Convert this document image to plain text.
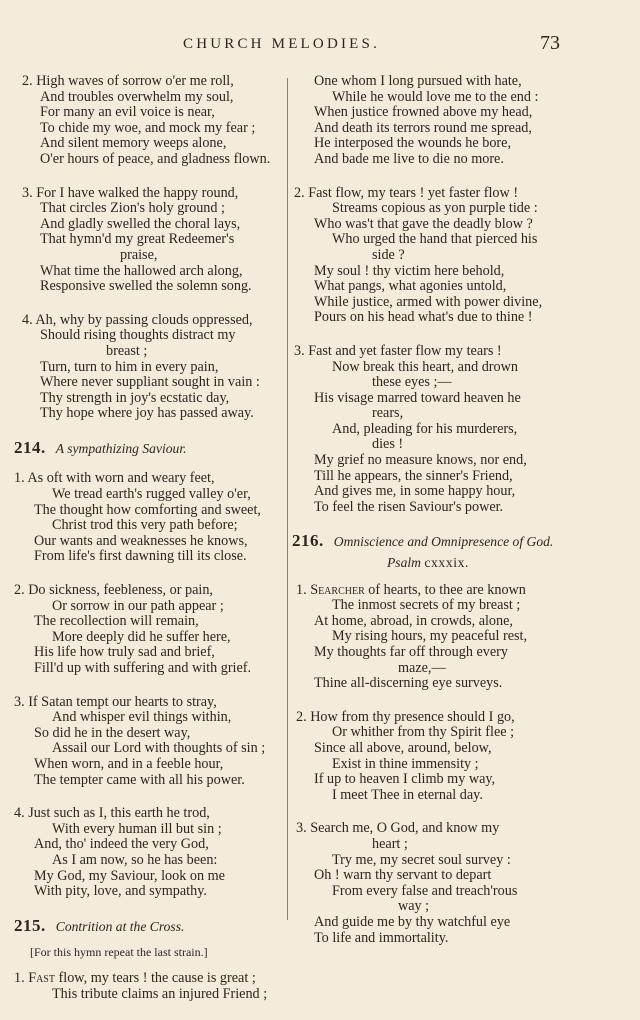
CHURCH MELODIES.	73
2. High waves of sorrow o'er me roll,
And troubles overwhelm my soul,
For many an evil voice is near,
To chide my woe, and mock my fear ;
And silent memory weeps alone,
O'er hours of peace, and gladness flown.
3. For I have walked the happy round,
That circles Zion's holy ground ;
And gladly swelled the choral lays,
That hymn'd my great Redeemer's
praise,
What time the hallowed arch along,
Responsive swelled the solemn song.
4. Ah, why by passing clouds oppressed,
Should rising thoughts distract my
breast ;
Turn, turn to him in every pain,
Where never suppliant sought in vain :
Thy strength in joy's ecstatic day,
Thy hope where joy has passed away.
214. A sympathizing Saviour.
1. As oft with worn and weary feet,
We tread earth's rugged valley o'er,
The thought how comforting and sweet,
Christ trod this very path before;
Our wants and weaknesses he knows,
From life's first dawning till its close.
2. Do sickness, feebleness, or pain,
Or sorrow in our path appear ;
The recollection will remain,
More deeply did he suffer here,
His life how truly sad and brief,
Fill'd up with suffering and with grief.
3. If Satan tempt our hearts to stray,
And whisper evil things within,
So did he in the desert way,
Assail our Lord with thoughts of sin ;
When worn, and in a feeble hour,
The tempter came with all his power.
4. Just such as I, this earth he trod,
With every human ill but sin ;
And, tho' indeed the very God,
As I am now, so he has been:
My God, my Saviour, look on me
With pity, love, and sympathy.
215. Contrition at the Cross.
[For this hymn repeat the last strain.]
1. Fast flow, my tears ! the cause is great ;
This tribute claims an injured Friend ;
One whom I long pursued with hate,
While he would love me to the end :
When justice frowned above my head,
And death its terrors round me spread,
He interposed the wounds he bore,
And bade me live to die no more.
2. Fast flow, my tears ! yet faster flow !
Streams copious as yon purple tide :
Who was't that gave the deadly blow ?
Who urged the hand that pierced his
side ?
My soul ! thy victim here behold,
What pangs, what agonies untold,
While justice, armed with power divine,
Pours on his head what's due to thine !
3. Fast and yet faster flow my tears !
Now break this heart, and drown
these eyes ;—
His visage marred toward heaven he
rears,
And, pleading for his murderers,
dies !
My grief no measure knows, nor end,
Till he appears, the sinner's Friend,
And gives me, in some happy hour,
To feel the risen Saviour's power.
216. Omniscience and Omnipresence of God.
Psalm cxxxix.
1. Searcher of hearts, to thee are known
The inmost secrets of my breast ;
At home, abroad, in crowds, alone,
My rising hours, my peaceful rest,
My thoughts far off through every
maze,—
Thine all-discerning eye surveys.
2. How from thy presence should I go,
Or whither from thy Spirit flee ;
Since all above, around, below,
Exist in thine immensity ;
If up to heaven I climb my way,
I meet Thee in eternal day.
3. Search me, O God, and know my
heart ;
Try me, my secret soul survey :
Oh ! warn thy servant to depart
From every false and treach'rous
way ;
And guide me by thy watchful eye
To life and immortality.
